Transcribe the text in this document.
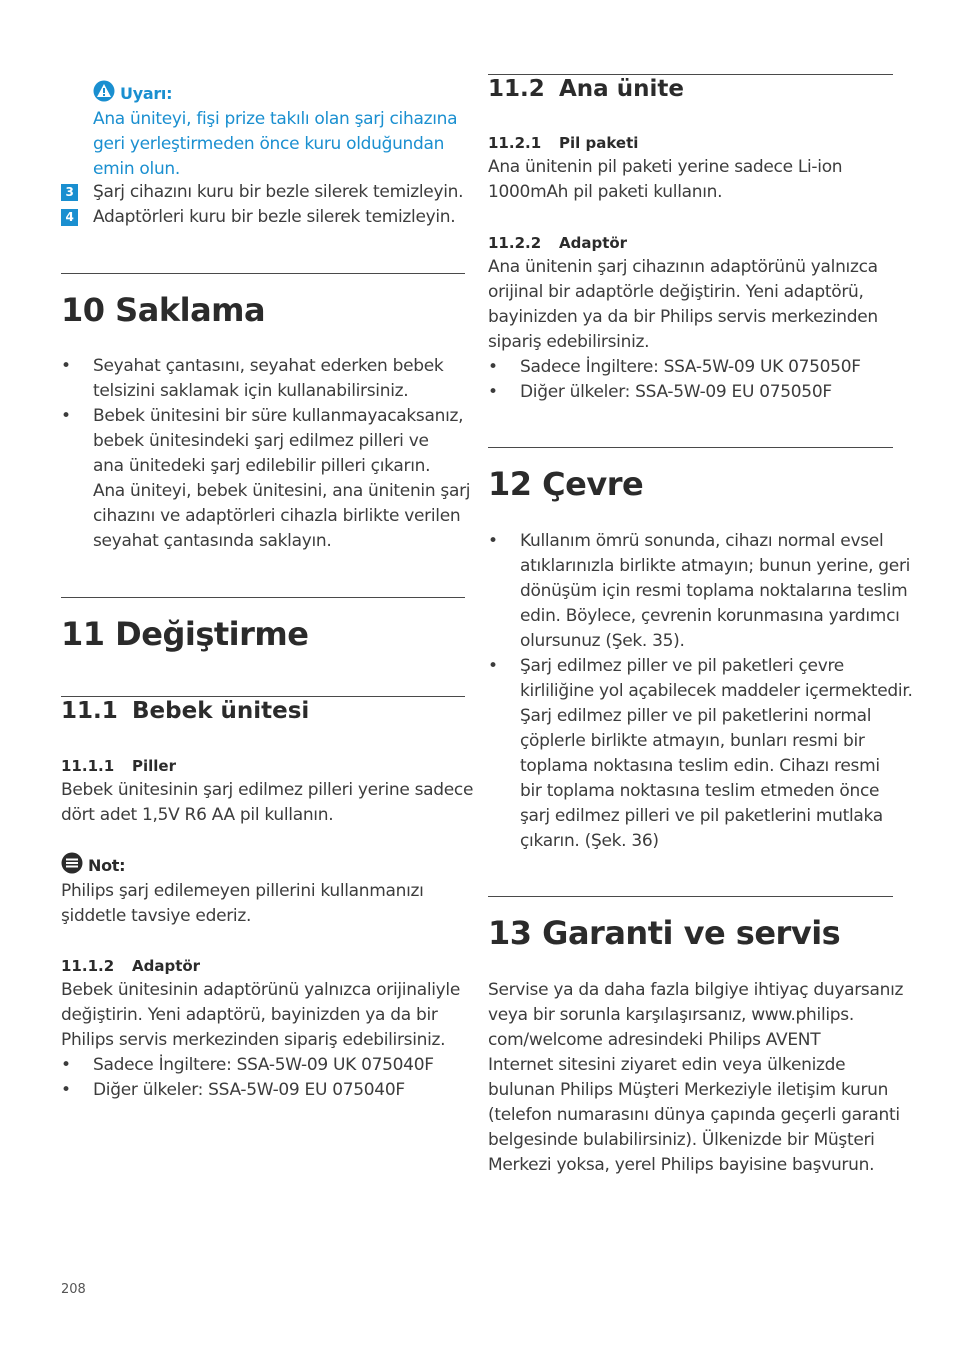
Uyarı:
Ana üniteyi, fişi prize takılı olan şarj cihazına
geri yerleştirmeden önce kuru olduğundan
emin olun.
3 Şarj cihazını kuru bir bezle silerek temizleyin.
4 Adaptörleri kuru bir bezle silerek temizleyin.
10 Saklama
• Seyahat çantasını, seyahat ederken bebek
telsizini saklamak için kullanabilirsiniz.
• Bebek ünitesini bir süre kullanmayacaksanız,
bebek ünitesindeki şarj edilmez pilleri ve
ana ünitedeki şarj edilebilir pilleri çıkarın.
Ana üniteyi, bebek ünitesini, ana ünitenin şarj
cihazını ve adaptörleri cihazla birlikte verilen
seyahat çantasında saklayın.
11 Değiştirme
11.1 Bebek ünitesi
11.1.1 Piller
Bebek ünitesinin şarj edilmez pilleri yerine sadece
dört adet 1,5V R6 AA pil kullanın.
Not:
Philips şarj edilemeyen pillerini kullanmanızı
şiddetle tavsiye ederiz.
11.1.2 Adaptör
Bebek ünitesinin adaptörünü yalnızca orijinaliyle
değiştirin. Yeni adaptörü, bayinizden ya da bir
Philips servis merkezinden sipariş edebilirsiniz.
• Sadece İngiltere: SSA-5W-09 UK 075040F
• Diğer ülkeler: SSA-5W-09 EU 075040F
11.2 Ana ünite
11.2.1 Pil paketi
Ana ünitenin pil paketi yerine sadece Li-ion
1000mAh pil paketi kullanın.
11.2.2 Adaptör
Ana ünitenin şarj cihazının adaptörünü yalnızca
orijinal bir adaptörle değiştirin. Yeni adaptörü,
bayinizden ya da bir Philips servis merkezinden
sipariş edebilirsiniz.
• Sadece İngiltere: SSA-5W-09 UK 075050F
• Diğer ülkeler: SSA-5W-09 EU 075050F
12 Çevre
• Kullanım ömrü sonunda, cihazı normal evsel
atıklarınızla birlikte atmayın; bunun yerine, geri
dönüşüm için resmi toplama noktalarına teslim
edin. Böylece, çevrenin korunmasına yardımcı
olursunuz (Şek. 35).
• Şarj edilmez piller ve pil paketleri çevre
kirliliğine yol açabilecek maddeler içermektedir.
Şarj edilmez piller ve pil paketlerini normal
çöplerle birlikte atmayın, bunları resmi bir
toplama noktasına teslim edin. Cihazı resmi
bir toplama noktasına teslim etmeden önce
şarj edilmez pilleri ve pil paketlerini mutlaka
çıkarın. (Şek. 36)
13 Garanti ve servis
Servise ya da daha fazla bilgiye ihtiyaç duyarsanız
veya bir sorunla karşılaşırsanız, www.philips.
com/welcome adresindeki Philips AVENT
Internet sitesini ziyaret edin veya ülkenizde
bulunan Philips Müşteri Merkeziyle iletişim kurun
(telefon numarasını dünya çapında geçerli garanti
belgesinde bulabilirsiniz). Ülkenizde bir Müşteri
Merkezi yoksa, yerel Philips bayisine başvurun.
208
